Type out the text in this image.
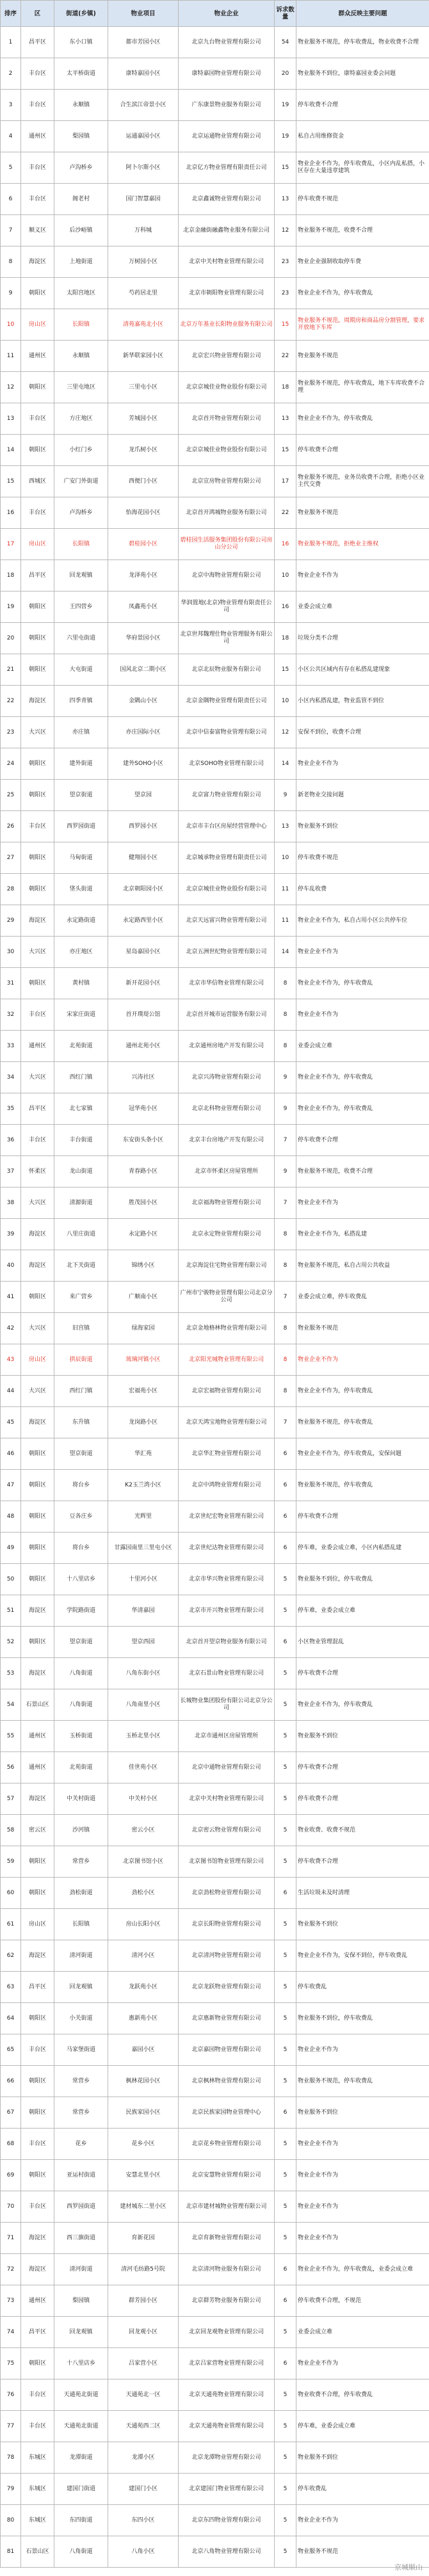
排序	区	街道(乡镇)	物业项目	物业企业	诉求数量	群众反映主要问题
1	昌平区	东小口镇	都市芳园小区	北京九台物业管理有限公司	54	物业服务不规范，停车收费乱，物业收费不合理
2	丰台区	太平桥街道	康特嘉园小区	康特嘉园物业管理有限公司	20	物业服务不到位，康特嘉园业委会问题
3	丰台区	永顺镇	合生滨江帝景小区	广东康景物业服务有限公司	19	停车收费不合理
4	通州区	梨园镇	运通嘉园小区	北京运通物业管理有限公司	19	私自占用维修资金
5	丰台区	卢沟桥乡	阿卜尔斯小区	北京亿方物业管理有限责任公司	15	物业企业不作为，停车收费乱，小区内乱私搭，小区存在大量违章建筑
6	丰台区	阁老村	国门智慧嘉园	北京鑫诚物业管理有限公司	13	停车收费不规范
7	顺义区	后沙峪镇	万科城	北京金融街融鑫物业服务有限公司	12	物业服务不规范，收费不合理
8	海淀区	上地街道	万树园小区	北京中关村物业管理有限公司	23	物业企业强制收取停车费
9	朝阳区	太阳宫地区	芍药居北里	北京市朝阳物业管理有限公司	23	物业企业不作为，停车收费乱
10	房山区	长阳镇	清苑嘉苑北小区	北京万年基业长阳物业服务有限公司	15	物业服务不规范，周期房和商品房分割管理，要求开放地下车库
11	通州区	永顺镇	新华联家园小区	北京宏兴物业管理有限公司	22	物业服务不规范
12	朝阳区	三里屯地区	三里屯小区	北京京城佳业物业股份有限公司	18	物业服务不规范，停车收费乱，地下车库收费不合理
13	丰台区	方庄地区	芳城园小区	北京首开物业管理有限公司	13	物业企业不作为，停车收费乱
14	朝阳区	小红门乡	龙爪树小区	北京京城佳业物业股份有限公司	15	停车收费不合理
15	西城区	广安门外街道	西便门小区	北京宣房物业管理有限公司	17	物业服务不规范，业务员收费不合理，拒绝小区业主代交费
16	丰台区	卢沟桥乡	怡海花园小区	北京首开鸿城物业服务有限公司	22	物业服务不规范
17	房山区	长阳镇	碧桂园小区	碧桂园生活服务集团股份有限公司房山分公司	16	物业服务不规范，拒绝业主维权
18	昌平区	回龙观镇	龙泽苑小区	北京中海物业管理有限公司	10	物业企业不作为
19	朝阳区	王四营乡	凤鑫苑小区	华润置地(北京)物业管理有限责任公司	16	业委会成立难
20	朝阳区	六里屯街道	华府景园小区	北京世邦魏理仕物业管理服务有限公司	18	垃圾分类不合理
21	朝阳区	大屯街道	国风北京二期小区	北京北辰物业服务有限公司	15	小区公共区域内有存在私搭乱建现象
22	海淀区	四季青镇	金隅山小区	北京金隅物业管理有限责任公司	10	小区内私搭乱建，物业监管不到位
23	大兴区	亦庄镇	亦庄国际小区	北京中信泰富物业管理有限公司	12	安保不到位，收费不合理
24	朝阳区	建外街道	建外SOHO小区	北京SOHO物业管理有限公司	14	物业企业不作为
25	朝阳区	望京街道	望京园	北京富力物业管理有限公司	9	新老物业交接问题
26	丰台区	西罗园街道	西罗园小区	北京市丰台区房屋经营管理中心	13	物业服务不到位
27	朝阳区	马甸街道	健翔园小区	北京城承物业管理有限责任公司	10	停车收费不规范
28	朝阳区	垡头街道	北京朝阳园小区	北京京城佳业物业股份有限公司	11	停车乱收费
29	海淀区	永定路街道	永定路西里小区	北京天远富兴物业管理有限公司	11	物业企业不作为，私自占用小区公共停车位
30	大兴区	亦庄地区	星岛嘉园小区	北京五洲世纪物业管理有限公司	14	物业企业不作为
31	朝阳区	黄村镇	新开花园小区	北京市华信物业管理有限公司	8	物业企业不作为，停车收费乱
32	丰台区	宋家庄街道	首开璞瑅公馆	北京首开城市运营服务有限公司	8	物业企业不作为
33	通州区	北苑街道	通州北苑小区	北京通州房地产开发有限公司	8	业委会成立难
34	大兴区	西红门镇	兴涛社区	北京兴涛物业管理有限公司	9	物业企业不作为，停车收费乱
35	昌平区	北七家镇	冠华苑小区	北京北科物业管理有限公司	9	物业企业不作为，停车收费乱
36	丰台区	丰台街道	东安街头条小区	北京丰台房地产开发有限公司	7	停车收费不合理
37	怀柔区	龙山街道	青春路小区	北京市怀柔区房屋管理所	9	物业服务不规范，收费不合理
38	大兴区	清源街道	胜茂园小区	北京福海物业管理有限公司	7	物业企业不作为
39	海淀区	八里庄街道	永定路小区	北京永定物业管理有限公司	8	物业企业不作为，私搭乱建
40	海淀区	北下关街道	锦绣小区	北京海淀住宅物业管理有限公司	8	物业服务不规范，私自占用公共收益
41	朝阳区	来广营乡	广顺南小区	广州市宁骏物业管理有限公司北京分公司	7	业委会成立难，停车收费乱
42	大兴区	旧宫镇	绿海家园	北京金地格林物业管理有限公司	8	物业服务不规范
43	房山区	拱辰街道	琉璃河镇小区	北京阳光城物业管理有限公司	8	物业企业不作为
44	大兴区	西红门镇	宏福苑小区	北京宏福物业管理有限公司	8	物业企业不作为，停车收费乱
45	海淀区	东升镇	龙岗路小区	北京天鸿宝地物业管理有限公司	7	物业服务不规范，停车收费乱
46	朝阳区	望京街道	华汇苑	北京华汇物业管理有限公司	6	物业企业不作为，停车收费乱，安保问题
47	朝阳区	将台乡	K2玉兰湾小区	北京中鸿物业管理有限公司	6	物业服务不规范，停车收费乱
48	朝阳区	豆各庄乡	光辉里	北京世纪宏物业管理有限公司	6	停车收费不合理
49	朝阳区	将台乡	甘露园南里三里屯小区	北京世纪达物业管理有限公司	6	停车难，业委会成立难，小区内私搭乱建
50	朝阳区	十八里店乡	十里河小区	北京市华兴物业管理有限公司	5	物业服务不到位，停车收费乱
51	海淀区	学院路街道	华清嘉园	北京市开兴物业管理有限公司	5	停车难，业委会成立难
52	朝阳区	望京街道	望京西园	北京首开望京物业服务有限公司	6	小区物业管理混乱
53	海淀区	八角街道	八角东街小区	北京石景山物业管理有限公司	5	停车收费不合理
54	石景山区	八角街道	八角南里小区	长城物业集团股份有限公司北京分公司	5	物业企业不作为，停车收费乱
55	通州区	玉桥街道	玉桥北里小区	北京市通州区房屋管理所	5	物业服务不到位
56	通州区	北苑街道	佳世苑小区	北京中通物业管理有限公司	5	停车收费不合理
57	海淀区	中关村街道	中关村小区	北京中关村物业管理有限公司	5	停车收费不合理
58	密云区	沙河镇	密云小区	北京密云物业管理有限公司	5	物业收费、收费不规范
59	朝阳区	常营乡	北京图书馆小区	北京图书馆物业管理有限公司	5	停车收费不合理
60	朝阳区	劲松街道	劲松小区	北京劲松物业管理有限公司	6	生活垃圾未及时清理
61	房山区	长阳镇	房山长阳小区	北京长阳物业管理有限公司	5	物业服务不到位
62	海淀区	清河街道	清河小区	北京清河物业管理有限公司	5	物业企业不作为，安保不到位，停车收费乱
63	昌平区	回龙观镇	龙跃苑小区	北京龙跃物业管理有限公司	5	停车收费乱
64	朝阳区	小关街道	惠新苑小区	北京惠新物业管理有限公司	5	物业服务不到位，停车收费乱
65	丰台区	马家堡街道	嘉园小区	北京嘉园物业管理有限公司	5	物业企业不作为
66	朝阳区	常营乡	枫林花园小区	北京枫林物业管理有限公司	5	物业服务不规范，停车收费乱
67	朝阳区	常营乡	民族家园小区	北京民族家园物业管理中心	6	物业服务不到位
68	丰台区	花乡	花乡小区	北京花乡物业管理有限公司	5	物业企业不作为
69	朝阳区	亚运村街道	安慧北里小区	北京安慧物业管理有限公司	5	物业企业不作为
70	丰台区	西罗园街道	建材城东二里小区	北京市建材城物业管理有限公司	5	物业企业不作为
71	海淀区	西三旗街道	育新花园	北京育新物业管理有限公司	5	物业企业不作为
72	海淀区	清河街道	清河毛纺路5号院	北京清河物业服务有限公司	6	物业企业不作为，停车收费乱，业委会成立难
73	通州区	梨园镇	群芳园小区	北京群芳物业服务有限公司	6	停车收费不合理，不规范
74	昌平区	回龙观镇	回龙观小区	北京回龙观物业管理有限公司	5	业委会成立难
75	朝阳区	十八里店乡	吕家营小区	北京吕家营物业管理有限公司	6	物业企业不作为
76	丰台区	天通苑北街道	天通苑北一区	北京天通苑物业管理有限公司	5	物业收费不合理，停车收费乱
77	丰台区	天通苑北街道	天通苑西二区	北京天通苑物业管理有限公司	5	停车难，业委会成立难
78	东城区	龙潭街道	龙潭小区	北京龙潭物业管理有限公司	5	物业服务不到位
79	东城区	建国门街道	建国门小区	北京建国门物业管理有限公司	5	停车收费乱
80	东城区	东四街道	东四小区	北京东四物业管理有限公司	5	物业企业不作为
81	石景山区	八角街道	八角小区	北京八角物业管理有限公司	5	物业服务不规范
京城顺山
